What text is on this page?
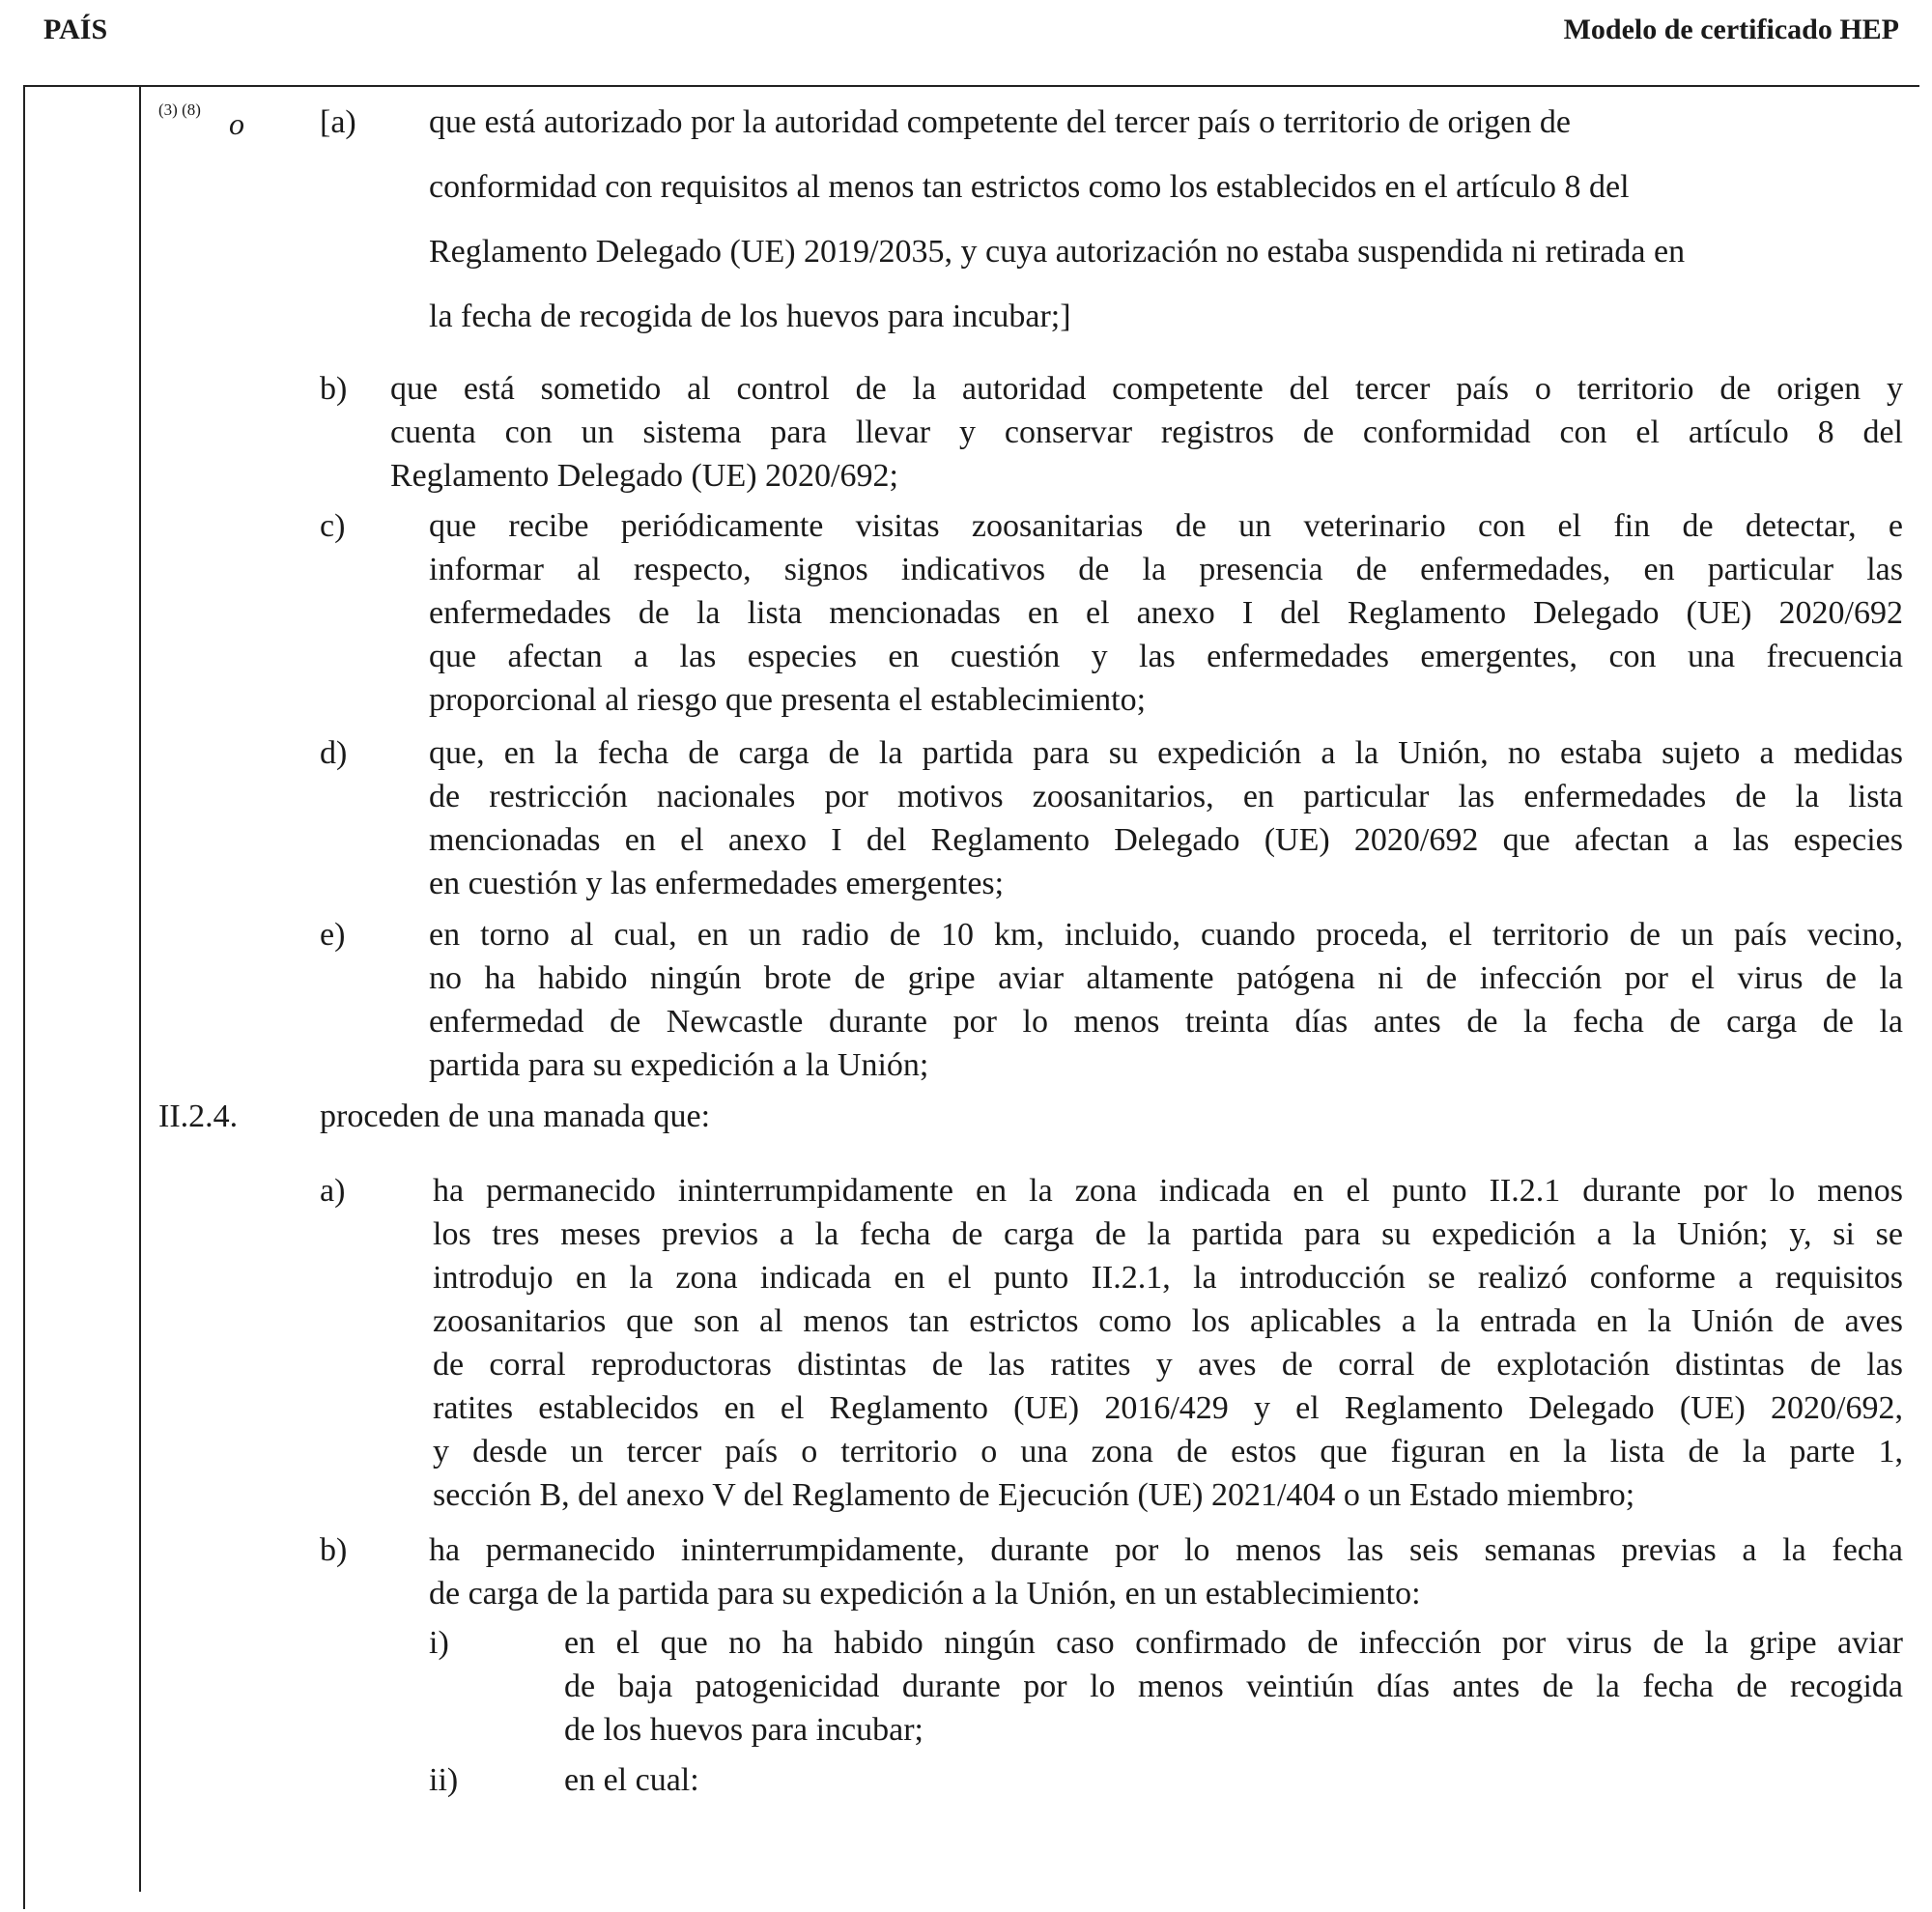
PAÍS	Modelo de certificado HEP
(3) (8) o [a) que está autorizado por la autoridad competente del tercer país o territorio de origen de
conformidad con requisitos al menos tan estrictos como los establecidos en el artículo 8 del
Reglamento Delegado (UE) 2019/2035, y cuya autorización no estaba suspendida ni retirada en
la fecha de recogida de los huevos para incubar;]
b) que está sometido al control de la autoridad competente del tercer país o territorio de origen y
cuenta con un sistema para llevar y conservar registros de conformidad con el artículo 8 del
Reglamento Delegado (UE) 2020/692;
c)	que recibe periódicamente visitas zoosanitarias de un veterinario con el fin de detectar, e
informar al respecto, signos indicativos de la presencia de enfermedades, en particular las
enfermedades de la lista mencionadas en el anexo I del Reglamento Delegado (UE) 2020/692
que afectan a las especies en cuestión y las enfermedades emergentes, con una frecuencia
proporcional al riesgo que presenta el establecimiento;
d) que, en la fecha de carga de la partida para su expedición a la Unión, no estaba sujeto a medidas
de restricción nacionales por motivos zoosanitarios, en particular las enfermedades de la lista
mencionadas en el anexo I del Reglamento Delegado (UE) 2020/692 que afectan a las especies
en cuestión y las enfermedades emergentes;
e)	en torno al cual, en un radio de 10 km, incluido, cuando proceda, el territorio de un país vecino,
no ha habido ningún brote de gripe aviar altamente patógena ni de infección por el virus de la
enfermedad de Newcastle durante por lo menos treinta días antes de la fecha de carga de la
partida para su expedición a la Unión;
II.2.4. proceden de una manada que:
a)	ha permanecido ininterrumpidamente en la zona indicada en el punto II.2.1 durante por lo menos
los tres meses previos a la fecha de carga de la partida para su expedición a la Unión; y, si se
introdujo en la zona indicada en el punto II.2.1, la introducción se realizó conforme a requisitos
zoosanitarios que son al menos tan estrictos como los aplicables a la entrada en la Unión de aves
de corral reproductoras distintas de las ratites y aves de corral de explotación distintas de las
ratites establecidos en el Reglamento (UE) 2016/429 y el Reglamento Delegado (UE) 2020/692,
y desde un tercer país o territorio o una zona de estos que figuran en la lista de la parte 1,
sección B, del anexo V del Reglamento de Ejecución (UE) 2021/404 o un Estado miembro;
b) ha permanecido ininterrumpidamente, durante por lo menos las seis semanas previas a la fecha
de carga de la partida para su expedición a la Unión, en un establecimiento:
i)	en el que no ha habido ningún caso confirmado de infección por virus de la gripe aviar
de baja patogenicidad durante por lo menos veintiún días antes de la fecha de recogida
de los huevos para incubar;
ii)	en el cual:
